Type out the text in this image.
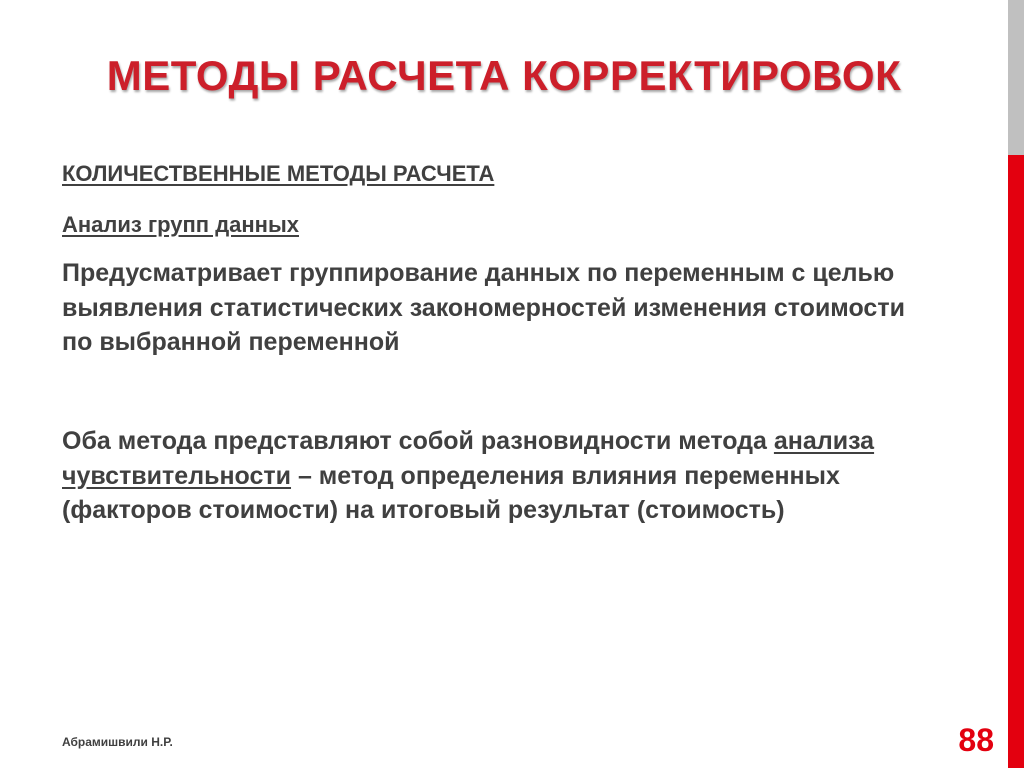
МЕТОДЫ РАСЧЕТА КОРРЕКТИРОВОК
КОЛИЧЕСТВЕННЫЕ МЕТОДЫ РАСЧЕТА
Анализ групп данных
Предусматривает группирование данных по переменным с целью выявления статистических закономерностей изменения стоимости по выбранной переменной
Оба метода представляют собой разновидности метода анализа чувствительности – метод определения влияния переменных (факторов стоимости) на итоговый результат (стоимость)
Абрамишвили Н.Р.	88
